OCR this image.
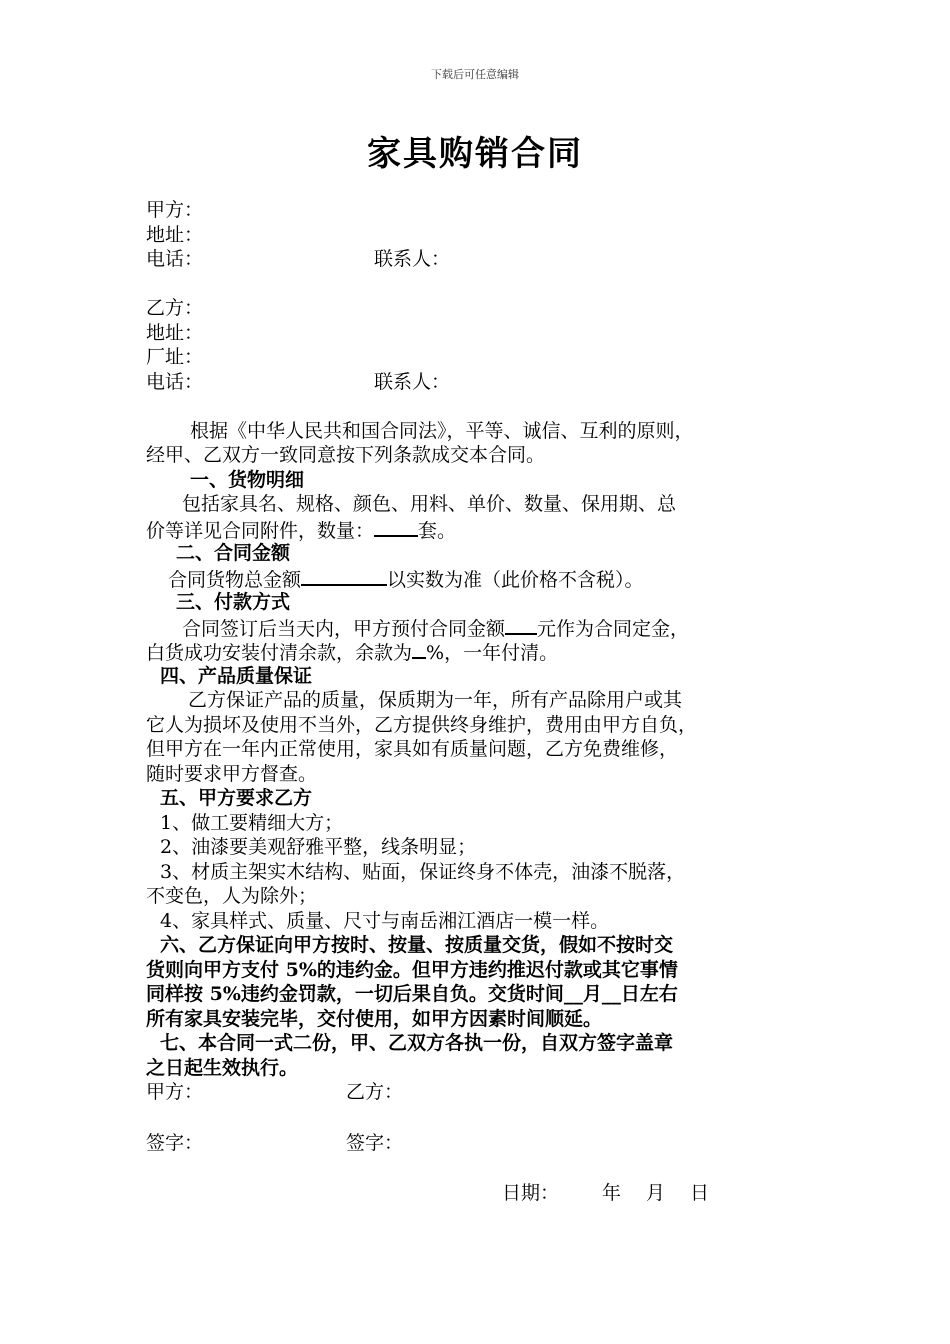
下载后可任意编辑
家具购销合同
甲方：
地址：
电话：	联系人：
乙方：
地址：
厂址：
电话：	联系人：
根据《中华人民共和国合同法》，平等、诚信、互利的原则，
经甲、乙双方一致同意按下列条款成交本合同。
一、货物明细
包括家具名、规格、颜色、用料、单价、数量、保用期、总
价等详见合同附件，数量： 套。
二、合同金额
合同货物总金额	以实数为准（此价格不含税）。
三、付款方式
合同签订后当天内，甲方预付合同金额 元作为合同定金，
白货成功安装付清余款，余款为 %，一年付清。
四、产品质量保证
乙方保证产品的质量，保质期为一年，所有产品除用户或其
它人为损坏及使用不当外，乙方提供终身维护，费用由甲方自负，
但甲方在一年内正常使用，家具如有质量问题，乙方免费维修，
随时要求甲方督查。
五、甲方要求乙方
1、做工要精细大方；
2、油漆要美观舒雅平整，线条明显；
3、材质主架实木结构、贴面，保证终身不体壳，油漆不脱落，
不变色，人为除外；
4、家具样式、质量、尺寸与南岳湘江酒店一模一样。
六、乙方保证向甲方按时、按量、按质量交货，假如不按时交
货则向甲方支付 5%的违约金。但甲方违约推迟付款或其它事情
同样按 5%违约金罚款，一切后果自负。交货时间__月__日左右
所有家具安装完毕，交付使用，如甲方因素时间顺延。
七、本合同一式二份，甲、乙双方各执一份，自双方签字盖章
之日起生效执行。
甲方：	乙方：
签字：	签字：
日期： 年 月 日
